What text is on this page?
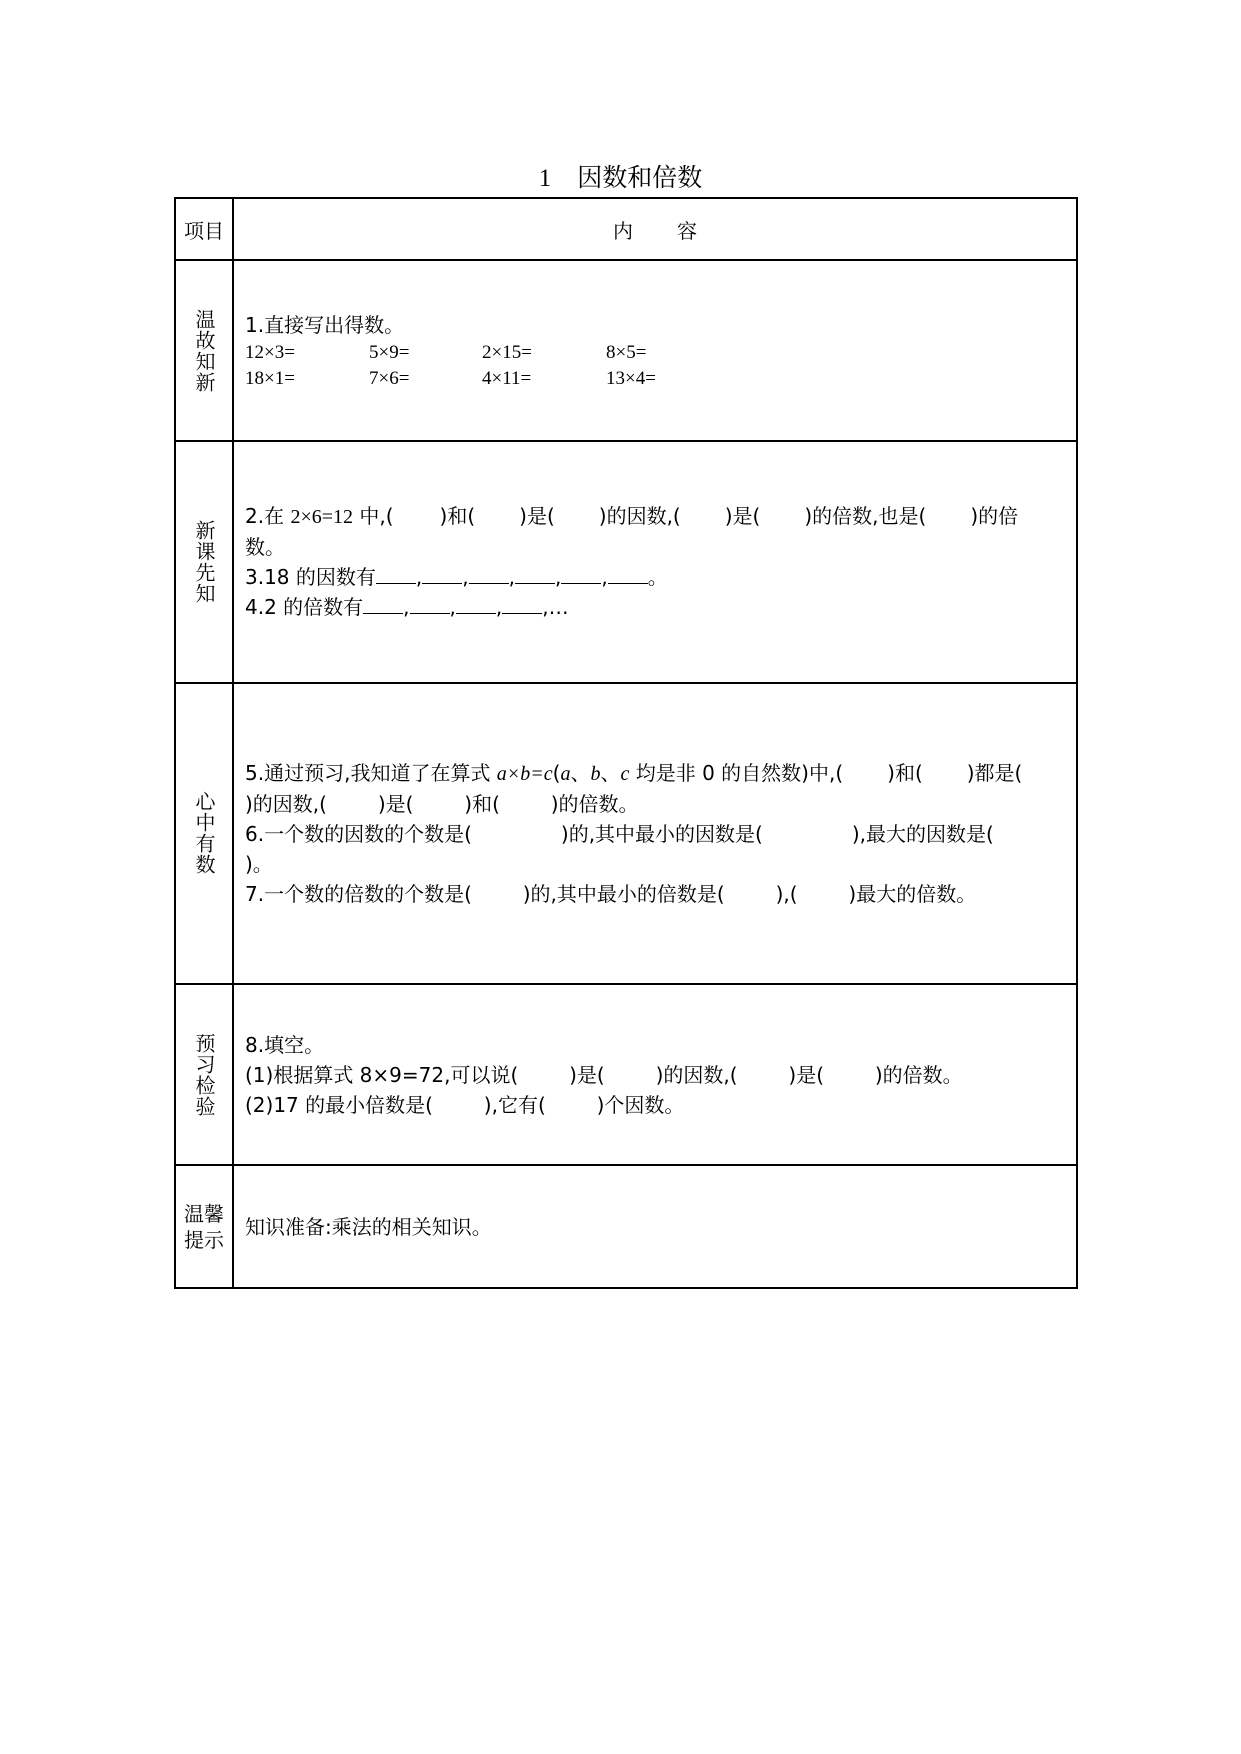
1 因数和倍数
项目	内容
温故知新	1.直接写出得数。
12×3= 5×9= 2×15= 8×5=
18×1= 7×6= 4×11= 13×4=

新课先知	2.在 2×6=12 中,( )和( )是( )的因数,( )是( )的倍数,也是( )的倍
数。
3.18 的因数有 , , , , , 。
4.2 的倍数有 , , , ,…

心中有数	5.通过预习,我知道了在算式 a×b=c(a、b、c 均是非 0 的自然数)中,( )和( )都是(
)的因数,(        )是(        )和(        )的倍数。
6.一个数的因数的个数是(              )的,其中最小的因数是(              ),最大的因数是(
)。
7.一个数的倍数的个数是(        )的,其中最小的倍数是(        ),(        )最大的倍数。

预习检验	8.填空。
(1)根据算式 8×9=72,可以说(        )是(        )的因数,(        )是(        )的倍数。
(2)17 的最小倍数是(        ),它有(        )个因数。

温馨
提示	知识准备:乘法的相关知识。
